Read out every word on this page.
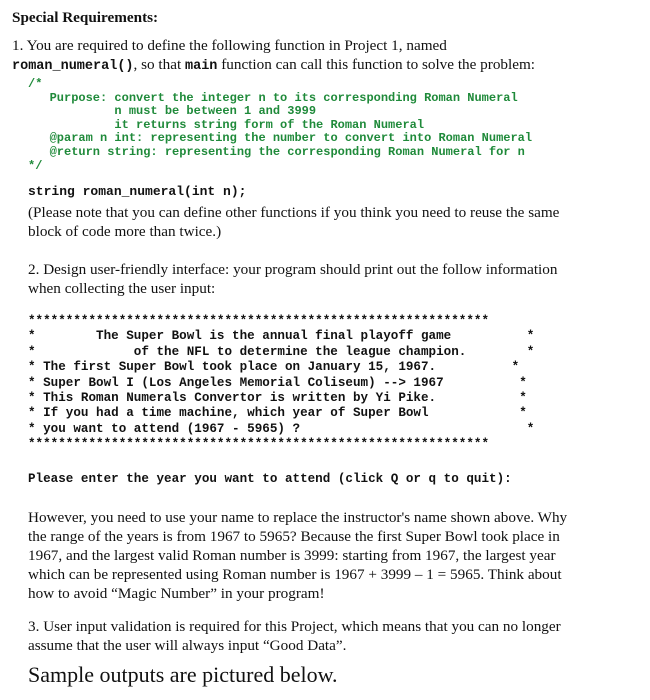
Special Requirements:
1. You are required to define the following function in Project 1, named
roman_numeral(), so that main function can call this function to solve the problem:
/*
Purpose: convert the integer n to its corresponding Roman Numeral
n must be between 1 and 3999
it returns string form of the Roman Numeral
@param n int: representing the number to convert into Roman Numeral
@return string: representing the corresponding Roman Numeral for n
*/
string roman_numeral(int n);
(Please note that you can define other functions if you think you need to reuse the same
block of code more than twice.)
2. Design user-friendly interface: your program should print out the follow information
when collecting the user input:
*************************************************************
*        The Super Bowl is the annual final playoff game          *
*             of the NFL to determine the league champion.        *
* The first Super Bowl took place on January 15, 1967.          *
* Super Bowl I (Los Angeles Memorial Coliseum) --> 1967          *
* This Roman Numerals Convertor is written by Yi Pike.           *
* If you had a time machine, which year of Super Bowl            *
* you want to attend (1967 - 5965) ?                              *
*************************************************************

Please enter the year you want to attend (click Q or q to quit):
However, you need to use your name to replace the instructor's name shown above. Why
the range of the years is from 1967 to 5965? Because the first Super Bowl took place in
1967, and the largest valid Roman number is 3999: starting from 1967, the largest year
which can be represented using Roman number is 1967 + 3999 – 1 = 5965. Think about
how to avoid “Magic Number” in your program!
3. User input validation is required for this Project, which means that you can no longer
assume that the user will always input “Good Data”.
Sample outputs are pictured below.
